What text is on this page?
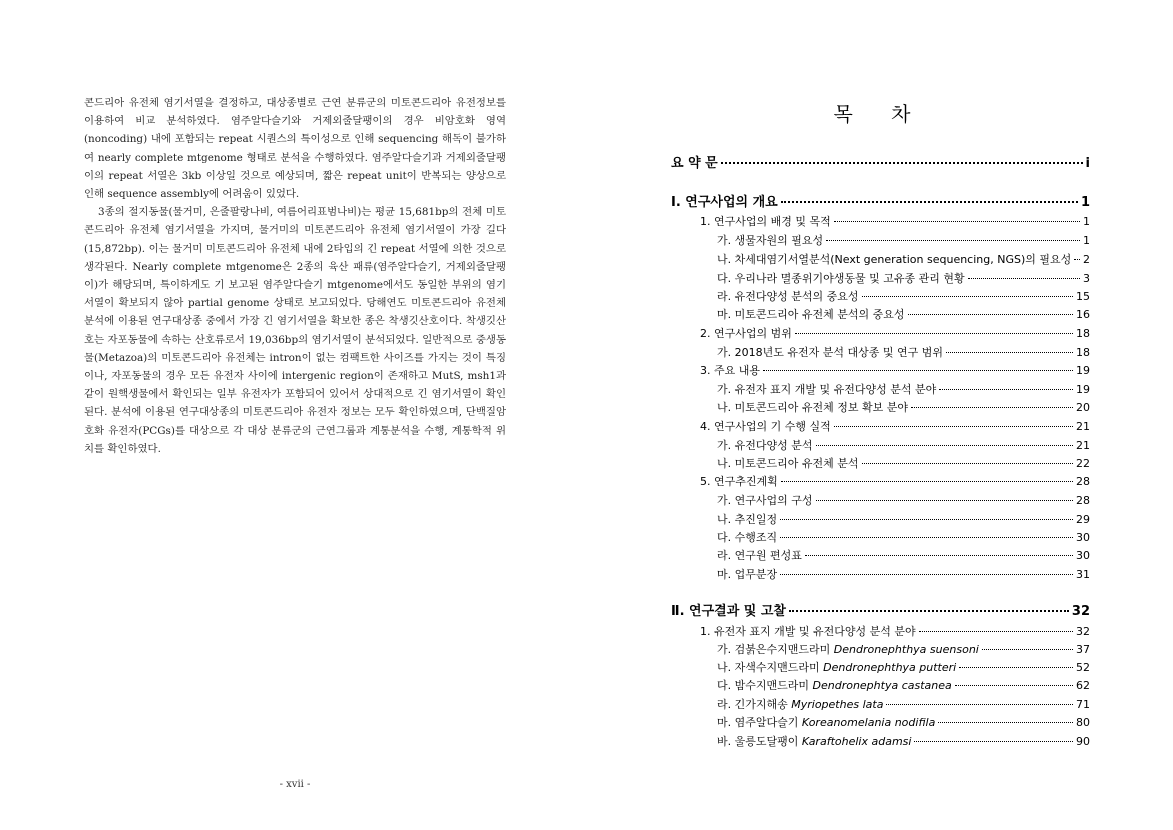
콘드리아 유전체 염기서열을 결정하고, 대상종별로 근연 분류군의 미토콘드리아 유전정보를 이용하여 비교 분석하였다. 염주알다슬기와 거제외줄달팽이의 경우 비암호화 영역(noncoding) 내에 포함되는 repeat 시퀀스의 특이성으로 인해 sequencing 해독이 불가하여 nearly complete mtgenome 형태로 분석을 수행하였다. 염주알다슬기과 거제외줄달팽이의 repeat 서열은 3kb 이상일 것으로 예상되며, 짧은 repeat unit이 반복되는 양상으로 인해 sequence assembly에 어려움이 있었다.

3종의 절지동물(물거미, 은줄팔랑나비, 여름어리표범나비)는 평균 15,681bp의 전체 미토콘드리아 유전체 염기서열을 가지며, 물거미의 미토콘드리아 유전체 염기서열이 가장 길다(15,872bp). 이는 물거미 미토콘드리아 유전체 내에 2타입의 긴 repeat 서열에 의한 것으로 생각된다. Nearly complete mtgenome은 2종의 육산 패류(염주알다슬기, 거제외줄달팽이)가 해당되며, 특이하게도 기 보고된 염주알다슬기 mtgenome에서도 동일한 부위의 염기서열이 확보되지 않아 partial genome 상태로 보고되었다. 당해연도 미토콘드리아 유전체 분석에 이용된 연구대상종 중에서 가장 긴 염기서열을 확보한 종은 착생깃산호이다. 착생깃산호는 자포동물에 속하는 산호류로서 19,036bp의 염기서열이 분석되었다. 일반적으로 중생동물(Metazoa)의 미토콘드리아 유전체는 intron이 없는 컴팩트한 사이즈를 가지는 것이 특징이나, 자포동물의 경우 모든 유전자 사이에 intergenic region이 존재하고 MutS, msh1과 같이 원핵생물에서 확인되는 일부 유전자가 포함되어 있어서 상대적으로 긴 염기서열이 확인된다. 분석에 이용된 연구대상종의 미토콘드리아 유전자 정보는 모두 확인하였으며, 단백질암호화 유전자(PCGs)를 대상으로 각 대상 분류군의 근연그룹과 계통분석을 수행, 계통학적 위치를 확인하였다.

- xvii -
목 차
요 약 문	i
Ⅰ. 연구사업의 개요	1
1. 연구사업의 배경 및 목적	1
가. 생물자원의 필요성	1
나. 차세대염기서열분석(Next generation sequencing, NGS)의 필요성 2
다. 우리나라 멸종위기야생동물 및 고유종 관리 현황	3
라. 유전다양성 분석의 중요성	15
마. 미토콘드리아 유전체 분석의 중요성	16
2. 연구사업의 범위	18
가. 2018년도 유전자 분석 대상종 및 연구 범위	18
3. 주요 내용	19
가. 유전자 표지 개발 및 유전다양성 분석 분야	19
나. 미토콘드리아 유전체 정보 확보 분야	20
4. 연구사업의 기 수행 실적	21
가. 유전다양성 분석	21
나. 미토콘드리아 유전체 분석	22
5. 연구추진계획	28
가. 연구사업의 구성	28
나. 추진일정	29
다. 수행조직	30
라. 연구원 편성표	30
마. 업무분장	31
Ⅱ. 연구결과 및 고찰	32
1. 유전자 표지 개발 및 유전다양성 분석 분야	32
가. 검붉은수지맨드라미 Dendronephthya suensoni	37
나. 자색수지맨드라미 Dendronephthya putteri	52
다. 밤수지맨드라미 Dendronephtya castanea	62
라. 긴가지해송 Myriopethes lata	71
마. 염주알다슬기 Koreanomelania nodifila	80
바. 울릉도달팽이 Karaftohelix adamsi	90
